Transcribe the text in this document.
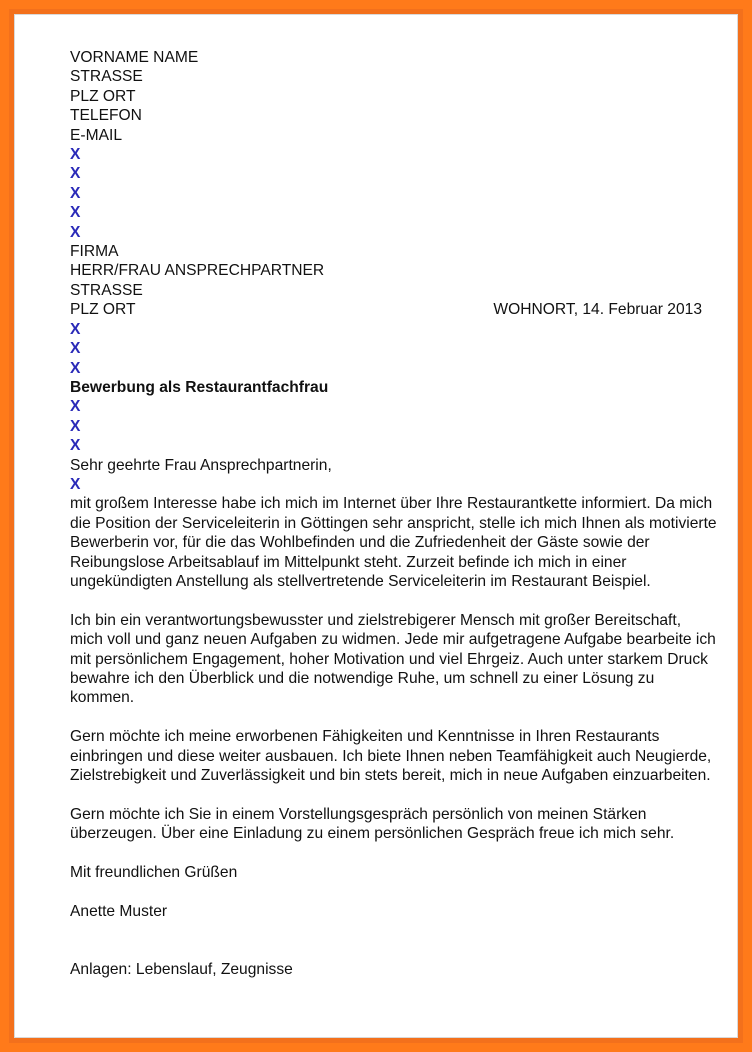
VORNAME NAME
STRASSE
PLZ ORT
TELEFON
E-MAIL
X
X
X
X
X
FIRMA
HERR/FRAU ANSPRECHPARTNER
STRASSE
PLZ ORT	WOHNORT, 14. Februar 2013
X
X
X
Bewerbung als Restaurantfachfrau
X
X
X
Sehr geehrte Frau Ansprechpartnerin,
X
mit großem Interesse habe ich mich im Internet über Ihre Restaurantkette informiert. Da mich
die Position der Serviceleiterin in Göttingen sehr anspricht, stelle ich mich Ihnen als motivierte
Bewerberin vor, für die das Wohlbefinden und die Zufriedenheit der Gäste sowie der
Reibungslose Arbeitsablauf im Mittelpunkt steht. Zurzeit befinde ich mich in einer
ungekündigten Anstellung als stellvertretende Serviceleiterin im Restaurant Beispiel.
Ich bin ein verantwortungsbewusster und zielstrebigerer Mensch mit großer Bereitschaft,
mich voll und ganz neuen Aufgaben zu widmen. Jede mir aufgetragene Aufgabe bearbeite ich
mit persönlichem Engagement, hoher Motivation und viel Ehrgeiz. Auch unter starkem Druck
bewahre ich den Überblick und die notwendige Ruhe, um schnell zu einer Lösung zu
kommen.
Gern möchte ich meine erworbenen Fähigkeiten und Kenntnisse in Ihren Restaurants
einbringen und diese weiter ausbauen. Ich biete Ihnen neben Teamfähigkeit auch Neugierde,
Zielstrebigkeit und Zuverlässigkeit und bin stets bereit, mich in neue Aufgaben einzuarbeiten.
Gern möchte ich Sie in einem Vorstellungsgespräch persönlich von meinen Stärken
überzeugen. Über eine Einladung zu einem persönlichen Gespräch freue ich mich sehr.
Mit freundlichen Grüßen
Anette Muster
Anlagen: Lebenslauf, Zeugnisse
